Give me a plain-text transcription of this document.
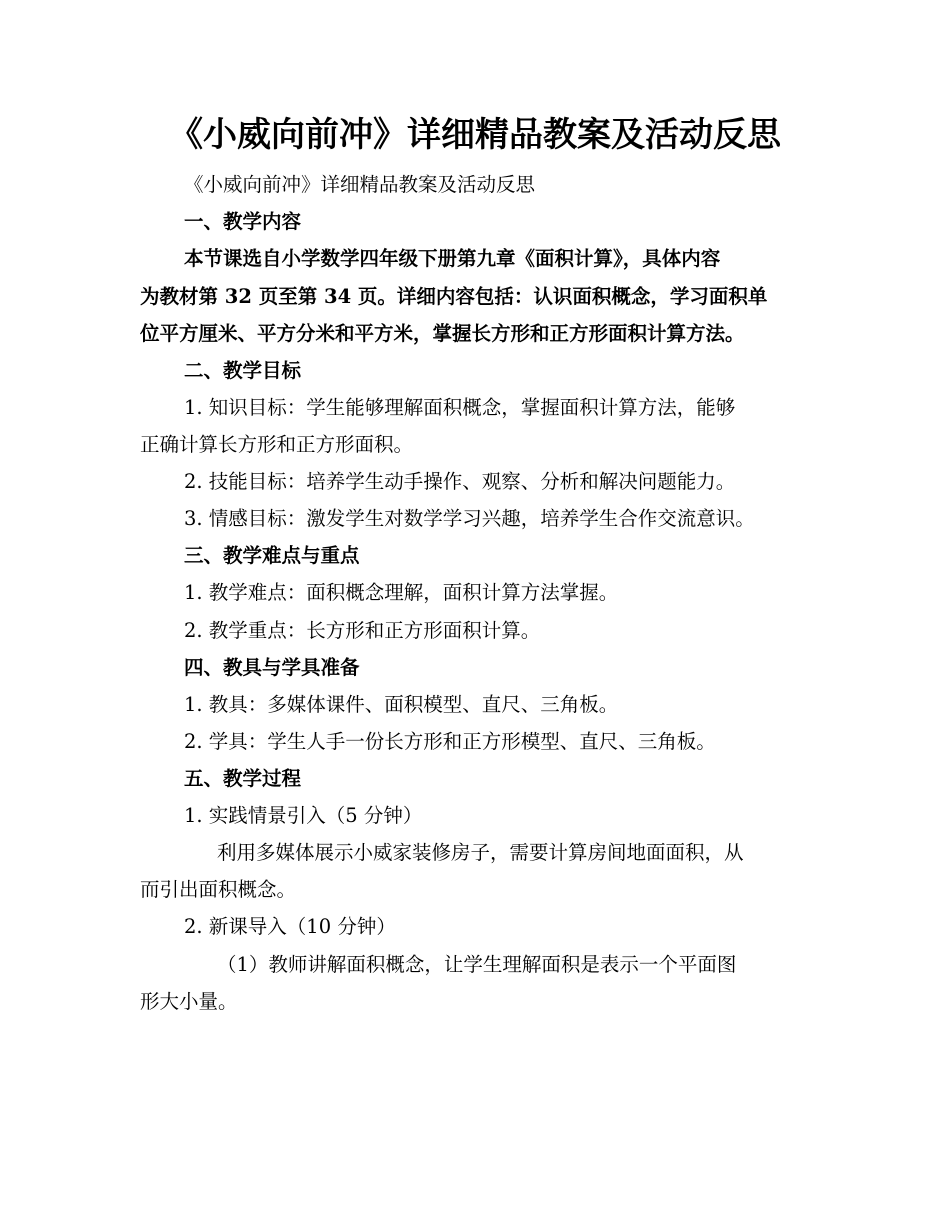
《小威向前冲》详细精品教案及活动反思
《小威向前冲》详细精品教案及活动反思
一、教学内容
本节课选自小学数学四年级下册第九章《面积计算》，具体内容
为教材第 32 页至第 34 页。详细内容包括：认识面积概念，学习面积单
位平方厘米、平方分米和平方米，掌握长方形和正方形面积计算方法。
二、教学目标
1. 知识目标：学生能够理解面积概念，掌握面积计算方法，能够
正确计算长方形和正方形面积。
2. 技能目标：培养学生动手操作、观察、分析和解决问题能力。
3. 情感目标：激发学生对数学学习兴趣，培养学生合作交流意识。
三、教学难点与重点
1. 教学难点：面积概念理解，面积计算方法掌握。
2. 教学重点：长方形和正方形面积计算。
四、教具与学具准备
1. 教具：多媒体课件、面积模型、直尺、三角板。
2. 学具：学生人手一份长方形和正方形模型、直尺、三角板。
五、教学过程
1. 实践情景引入（5 分钟）
利用多媒体展示小威家装修房子，需要计算房间地面面积，从
而引出面积概念。
2. 新课导入（10 分钟）
（1）教师讲解面积概念，让学生理解面积是表示一个平面图
形大小量。
